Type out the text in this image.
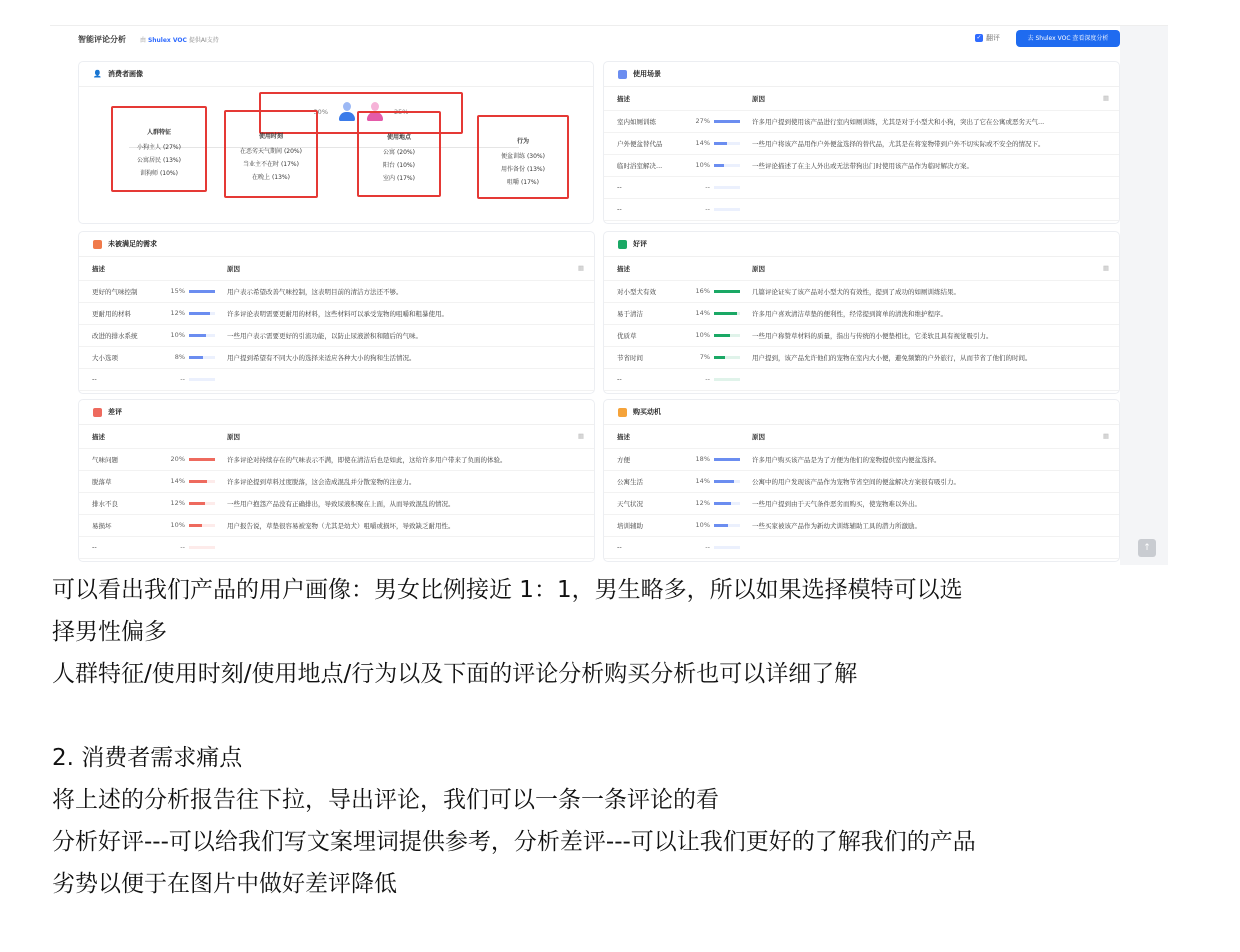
智能评论分析 由 Shulex VOC 提供AI支持	✓ 翻评	去 Shulex VOC 查看深度分析
👤 消费者画像
30%	25%
人群特征
小狗主人 (27%)
公寓居民 (13%)
训狗师 (10%)
使用时刻
在恶劣天气期间 (20%)
当业主不在时 (17%)
在晚上 (13%)
使用地点
公寓 (20%)
阳台 (10%)
室内 (17%)
行为
便盆训练 (30%)
用作备份 (13%)
咀嚼 (17%)
使用场景
描述			原因	▦
室内如厕训练	27%		许多用户提到使用该产品进行室内如厕训练，尤其是对于小型犬和小狗，突出了它在公寓或恶劣天气...	
户外便盆替代品	14%		一些用户将该产品用作户外便盆选择的替代品，尤其是在将宠物带到户外不切实际或不安全的情况下。	
临时浴室解决...	10%		一些评论描述了在主人外出或无法带狗出门时使用该产品作为临时解决方案。	
--	--		

--	--		

未被满足的需求
描述			原因	▦
更好的气味控制	15%		用户表示希望改善气味控制，这表明目前的清洁方法还不够。	
更耐用的材料	12%		许多评论表明需要更耐用的材料，这些材料可以承受宠物的咀嚼和粗暴使用。	
改进的排水系统	10%		一些用户表示需要更好的引流功能，以防止尿液淤积和随后的气味。	
大小选项	8%		用户提到希望有不同大小的选择来适应各种大小的狗和生活情况。	
--	--		

好评
描述			原因	▦
对小型犬有效	16%		几篇评论证实了该产品对小型犬的有效性，提到了成功的如厕训练结果。	
易于清洁	14%		许多用户喜欢清洁草垫的便利性，经常提到简单的清洗和维护程序。	
优质草	10%		一些用户称赞草材料的质量，指出与传统的小便垫相比，它柔软且具有视觉吸引力。	
节省时间	7%		用户提到，该产品允许他们的宠物在室内大小便，避免频繁的户外旅行，从而节省了他们的时间。	
--	--		

差评
描述			原因	▦
气味问题	20%		许多评论对持续存在的气味表示不满，即使在清洁后也是如此，这给许多用户带来了负面的体验。	
脱落草	14%		许多评论提到草料过度脱落，这会造成混乱并分散宠物的注意力。	
排水不良	12%		一些用户抱怨产品没有正确排出，导致尿液积聚在上面，从而导致混乱的情况。	
易损坏	10%		用户报告说，草垫很容易被宠物（尤其是幼犬）咀嚼或损坏，导致缺乏耐用性。	
--	--		

购买动机
描述			原因	▦
方便	18%		许多用户购买该产品是为了方便为他们的宠物提供室内便盆选择。	
公寓生活	14%		公寓中的用户发现该产品作为宠物节省空间的便盆解决方案很有吸引力。	
天气状况	12%		一些用户提到由于天气条件恶劣而购买，使宠物难以外出。	
培训辅助	10%		一些买家被该产品作为新幼犬训练辅助工具的潜力所激励。	
--	--		
		↑
可以看出我们产品的用户画像：男女比例接近 1：1，男生略多，所以如果选择模特可以选
择男性偏多
人群特征/使用时刻/使用地点/行为以及下面的评论分析购买分析也可以详细了解
2. 消费者需求痛点
将上述的分析报告往下拉，导出评论，我们可以一条一条评论的看
分析好评---可以给我们写文案埋词提供参考，分析差评---可以让我们更好的了解我们的产品
劣势以便于在图片中做好差评降低
